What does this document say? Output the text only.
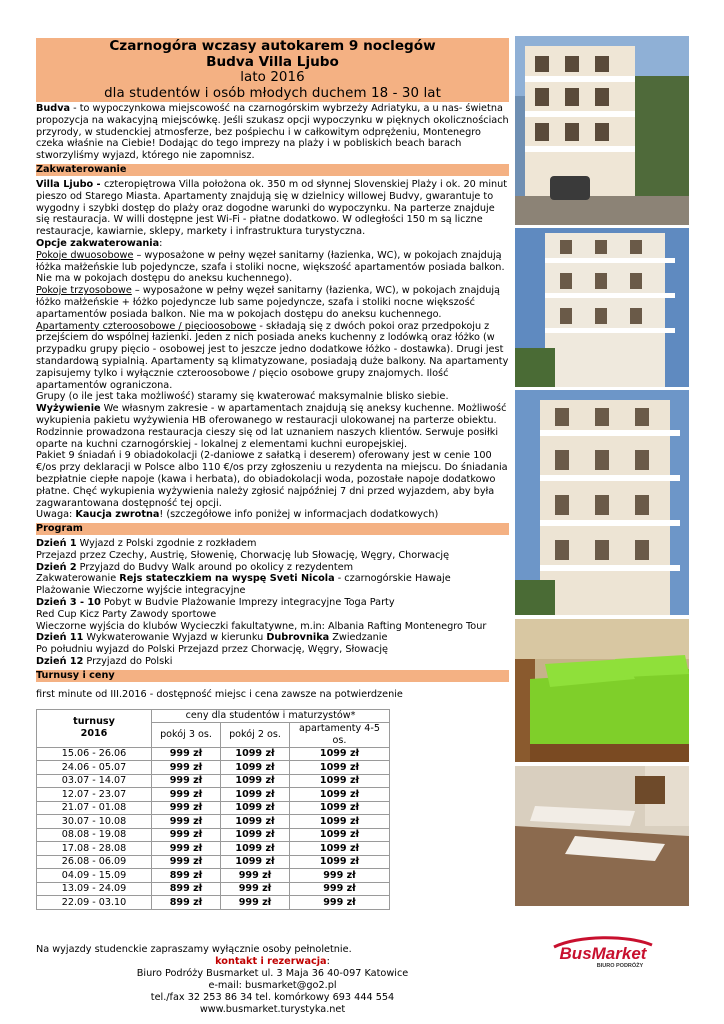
Czarnogóra wczasy autokarem 9 noclegów
Budva Villa Ljubo
lato 2016
dla studentów i osób młodych duchem 18 - 30 lat

Budva - to wypoczynkowa miejscowość na czarnogórskim wybrzeży Adriatyku, a u nas- świetna propozycja na wakacyjną miejscówkę. Jeśli szukasz opcji wypoczynku w pięknych okolicznościach przyrody, w studenckiej atmosferze, bez pośpiechu i w całkowitym odprężeniu, Montenegro czeka właśnie na Ciebie! Dodając do tego imprezy na plaży i w pobliskich beach barach stworzyliśmy wyjazd, którego nie zapomnisz.

Zakwaterowanie

Villa Ljubo - czteropiętrowa Villa położona ok. 350 m od słynnej Slovenskiej Plaży i ok. 20 minut pieszo od Starego Miasta. Apartamenty znajdują się w dzielnicy willowej Budvy, gwarantuje to wygodny i szybki dostęp do plaży oraz dogodne warunki do wypoczynku. Na parterze znajduje się restauracja. W willi dostępne jest Wi-Fi - płatne dodatkowo. W odległości 150 m są liczne restauracje, kawiarnie, sklepy, markety i infrastruktura turystyczna.

Opcje zakwaterowania:

Pokoje dwuosobowe – wyposażone w pełny węzeł sanitarny (łazienka, WC), w pokojach znajdują łóżka małżeńskie lub pojedyncze, szafa i stoliki nocne, większość apartamentów posiada balkon. Nie ma w pokojach dostępu do aneksu kuchennego).

Pokoje trzyosobowe – wyposażone w pełny węzeł sanitarny (łazienka, WC), w pokojach znajdują łóżko małżeńskie + łóżko pojedyncze lub same pojedyncze, szafa i stoliki nocne większość apartamentów posiada balkon. Nie ma w pokojach dostępu do aneksu kuchennego.

Apartamenty czteroosobowe / pięcioosobowe - składają się z dwóch pokoi oraz przedpokoju z przejściem do wspólnej łazienki. Jeden z nich posiada aneks kuchenny z lodówką oraz łóżko (w przypadku grupy pięcio - osobowej jest to jeszcze jedno dodatkowe łóżko - dostawka). Drugi jest standardową sypialnią. Apartamenty są klimatyzowane, posiadają duże balkony. Na apartamenty zapisujemy tylko i wyłącznie czteroosobowe / pięcio osobowe grupy znajomych. Ilość apartamentów ograniczona.

Grupy (o ile jest taka możliwość) staramy się kwaterować maksymalnie blisko siebie.

Wyżywienie We własnym zakresie - w apartamentach znajdują się aneksy kuchenne. Możliwość wykupienia pakietu wyżywienia HB oferowanego w restauracji ulokowanej na parterze obiektu. Rodzinnie prowadzona restauracja cieszy się od lat uznaniem naszych klientów. Serwuje posiłki oparte na kuchni czarnogórskiej - lokalnej z elementami kuchni europejskiej.

Pakiet 9 śniadań i 9 obiadokolacji (2-daniowe z sałatką i deserem) oferowany jest w cenie 100 €/os przy deklaracji w Polsce albo 110 €/os przy zgłoszeniu u rezydenta na miejscu. Do śniadania bezpłatnie ciepłe napoje (kawa i herbata), do obiadokolacji woda, pozostałe napoje dodatkowo płatne. Chęć wykupienia wyżywienia należy zgłosić najpóźniej 7 dni przed wyjazdem, aby była zagwarantowana dostępność tej opcji.

Uwaga: Kaucja zwrotna! (szczegółowe info poniżej w informacjach dodatkowych)

Program

Dzień 1 Wyjazd z Polski zgodnie z rozkładem

Przejazd przez Czechy, Austrię, Słowenię, Chorwację lub Słowację, Węgry, Chorwację

Dzień 2 Przyjazd do Budvy Walk around po okolicy z rezydentem

Zakwaterowanie Rejs stateczkiem na wyspę Sveti Nicola - czarnogórskie Hawaje

Plażowanie Wieczorne wyjście integracyjne

Dzień 3 - 10 Pobyt w Budvie Plażowanie Imprezy integracyjne Toga Party

Red Cup Kicz Party Zawody sportowe

Wieczorne wyjścia do klubów Wycieczki fakultatywne, m.in: Albania Rafting Montenegro Tour

Dzień 11 Wykwaterowanie Wyjazd w kierunku Dubrovnika Zwiedzanie

Po południu wyjazd do Polski Przejazd przez Chorwację, Węgry, Słowację

Dzień 12 Przyjazd do Polski

Turnusy i ceny

first minute od III.2016 - dostępność miejsc i cena zawsze na potwierdzenie

turnusy
2016	ceny dla studentów i maturzystów*		
	pokój 3 os.	pokój 2 os.	apartamenty 4-5 os.
15.06 - 26.06	999 zł	1099 zł	1099 zł
24.06 - 05.07	999 zł	1099 zł	1099 zł
03.07 - 14.07	999 zł	1099 zł	1099 zł
12.07 - 23.07	999 zł	1099 zł	1099 zł
21.07 - 01.08	999 zł	1099 zł	1099 zł
30.07 - 10.08	999 zł	1099 zł	1099 zł
08.08 - 19.08	999 zł	1099 zł	1099 zł
17.08 - 28.08	999 zł	1099 zł	1099 zł
26.08 - 06.09	999 zł	1099 zł	1099 zł
04.09 - 15.09	899 zł	999 zł	999 zł
13.09 - 24.09	899 zł	999 zł	999 zł
22.09 - 03.10	899 zł	999 zł	999 zł

Na wyjazdy studenckie zapraszamy wyłącznie osoby pełnoletnie.

kontakt i rezerwacja:

Biuro Podróży Busmarket ul. 3 Maja 36 40-097 Katowice

e-mail: busmarket@go2.pl

tel./fax 32 253 86 34 tel. komórkowy 693 444 554

www.busmarket.turystyka.net

BusMarket
BIURO PODRÓŻY
